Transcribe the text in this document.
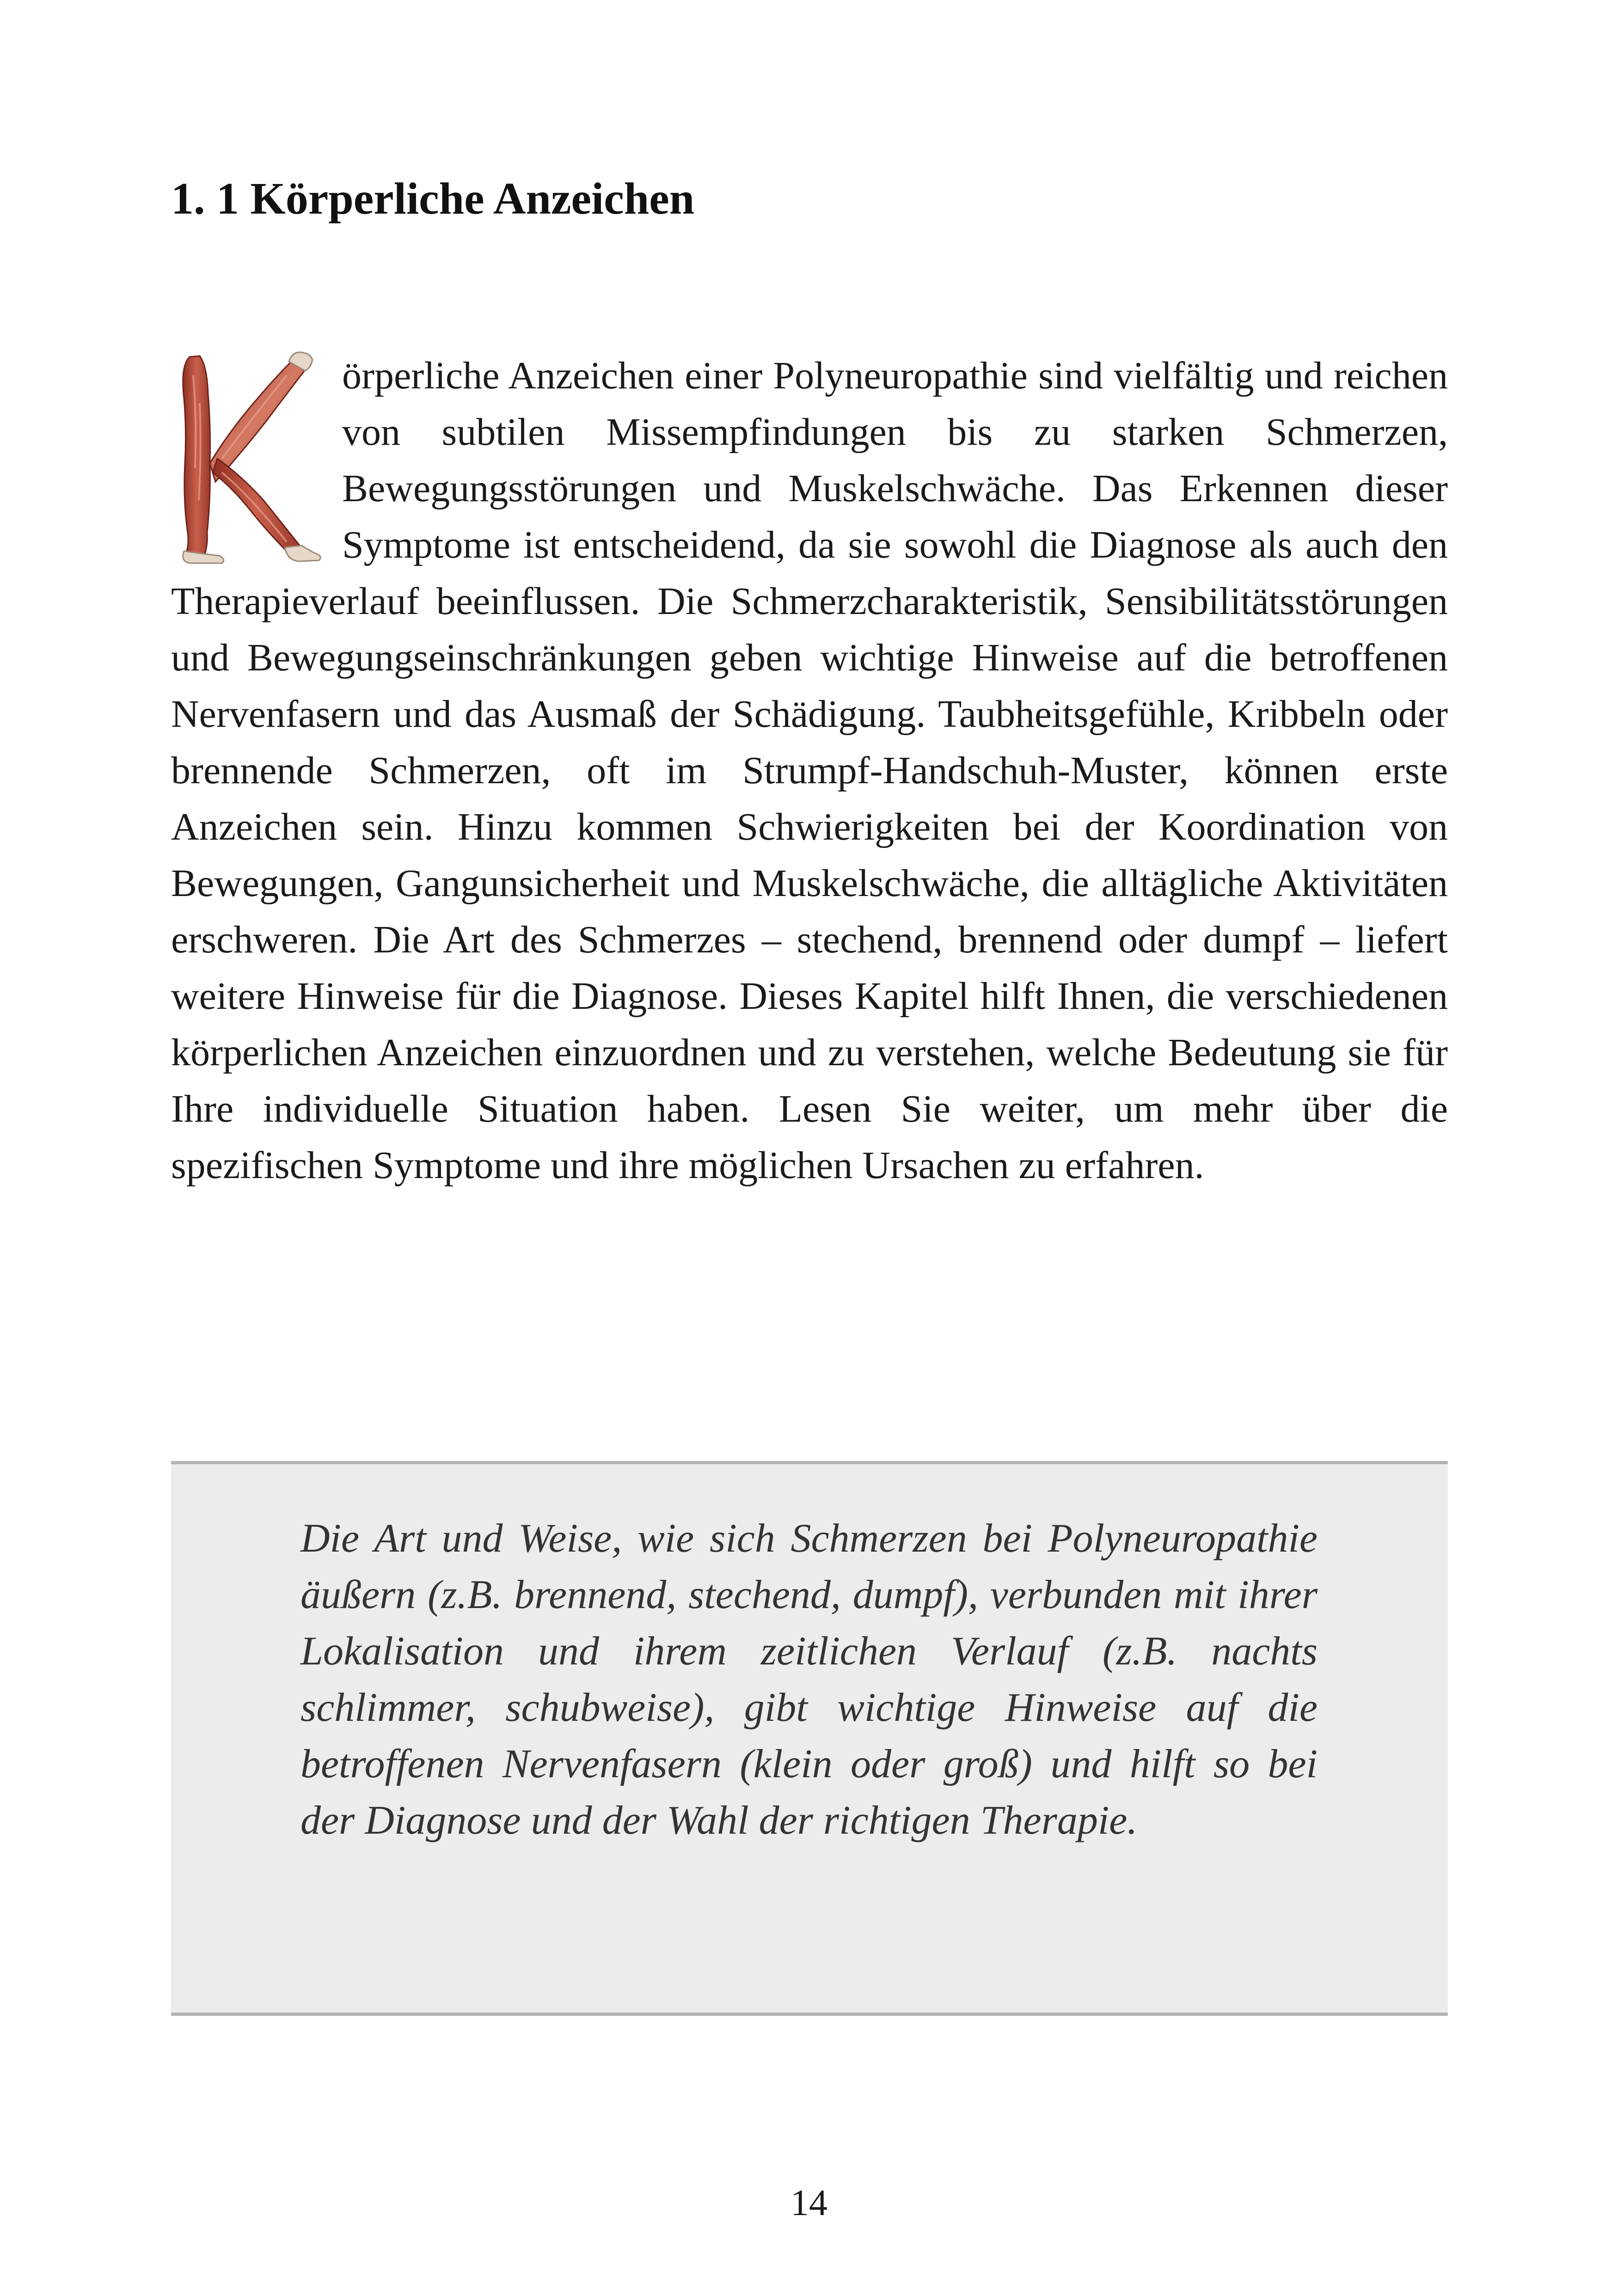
1. 1 Körperliche Anzeichen
örperliche Anzeichen einer Polyneuropathie sind vielfältig und reichen von subtilen Missempfindungen bis zu starken Schmerzen, Bewegungsstörungen und Muskelschwäche. Das Erkennen dieser Symptome ist entscheidend, da sie sowohl die Diagnose als auch den Therapieverlauf beeinflussen. Die Schmerzcharakteristik, Sensibilitätsstörungen und Bewegungseinschränkungen geben wichtige Hinweise auf die betroffenen Nervenfasern und das Ausmaß der Schädigung. Taubheitsgefühle, Kribbeln oder brennende Schmerzen, oft im Strumpf-Handschuh-Muster, können erste Anzeichen sein. Hinzu kommen Schwierigkeiten bei der Koordination von Bewegungen, Gangunsicherheit und Muskelschwäche, die alltägliche Aktivitäten erschweren. Die Art des Schmerzes – stechend, brennend oder dumpf – liefert weitere Hinweise für die Diagnose. Dieses Kapitel hilft Ihnen, die verschiedenen körperlichen Anzeichen einzuordnen und zu verstehen, welche Bedeutung sie für Ihre individuelle Situation haben. Lesen Sie weiter, um mehr über die spezifischen Symptome und ihre möglichen Ursachen zu erfahren.

Die Art und Weise, wie sich Schmerzen bei Polyneuropathie äußern (z.B. brennend, stechend, dumpf), verbunden mit ihrer Lokalisation und ihrem zeitlichen Verlauf (z.B. nachts schlimmer, schubweise), gibt wichtige Hinweise auf die betroffenen Nervenfasern (klein oder groß) und hilft so bei der Diagnose und der Wahl der richtigen Therapie.

14
